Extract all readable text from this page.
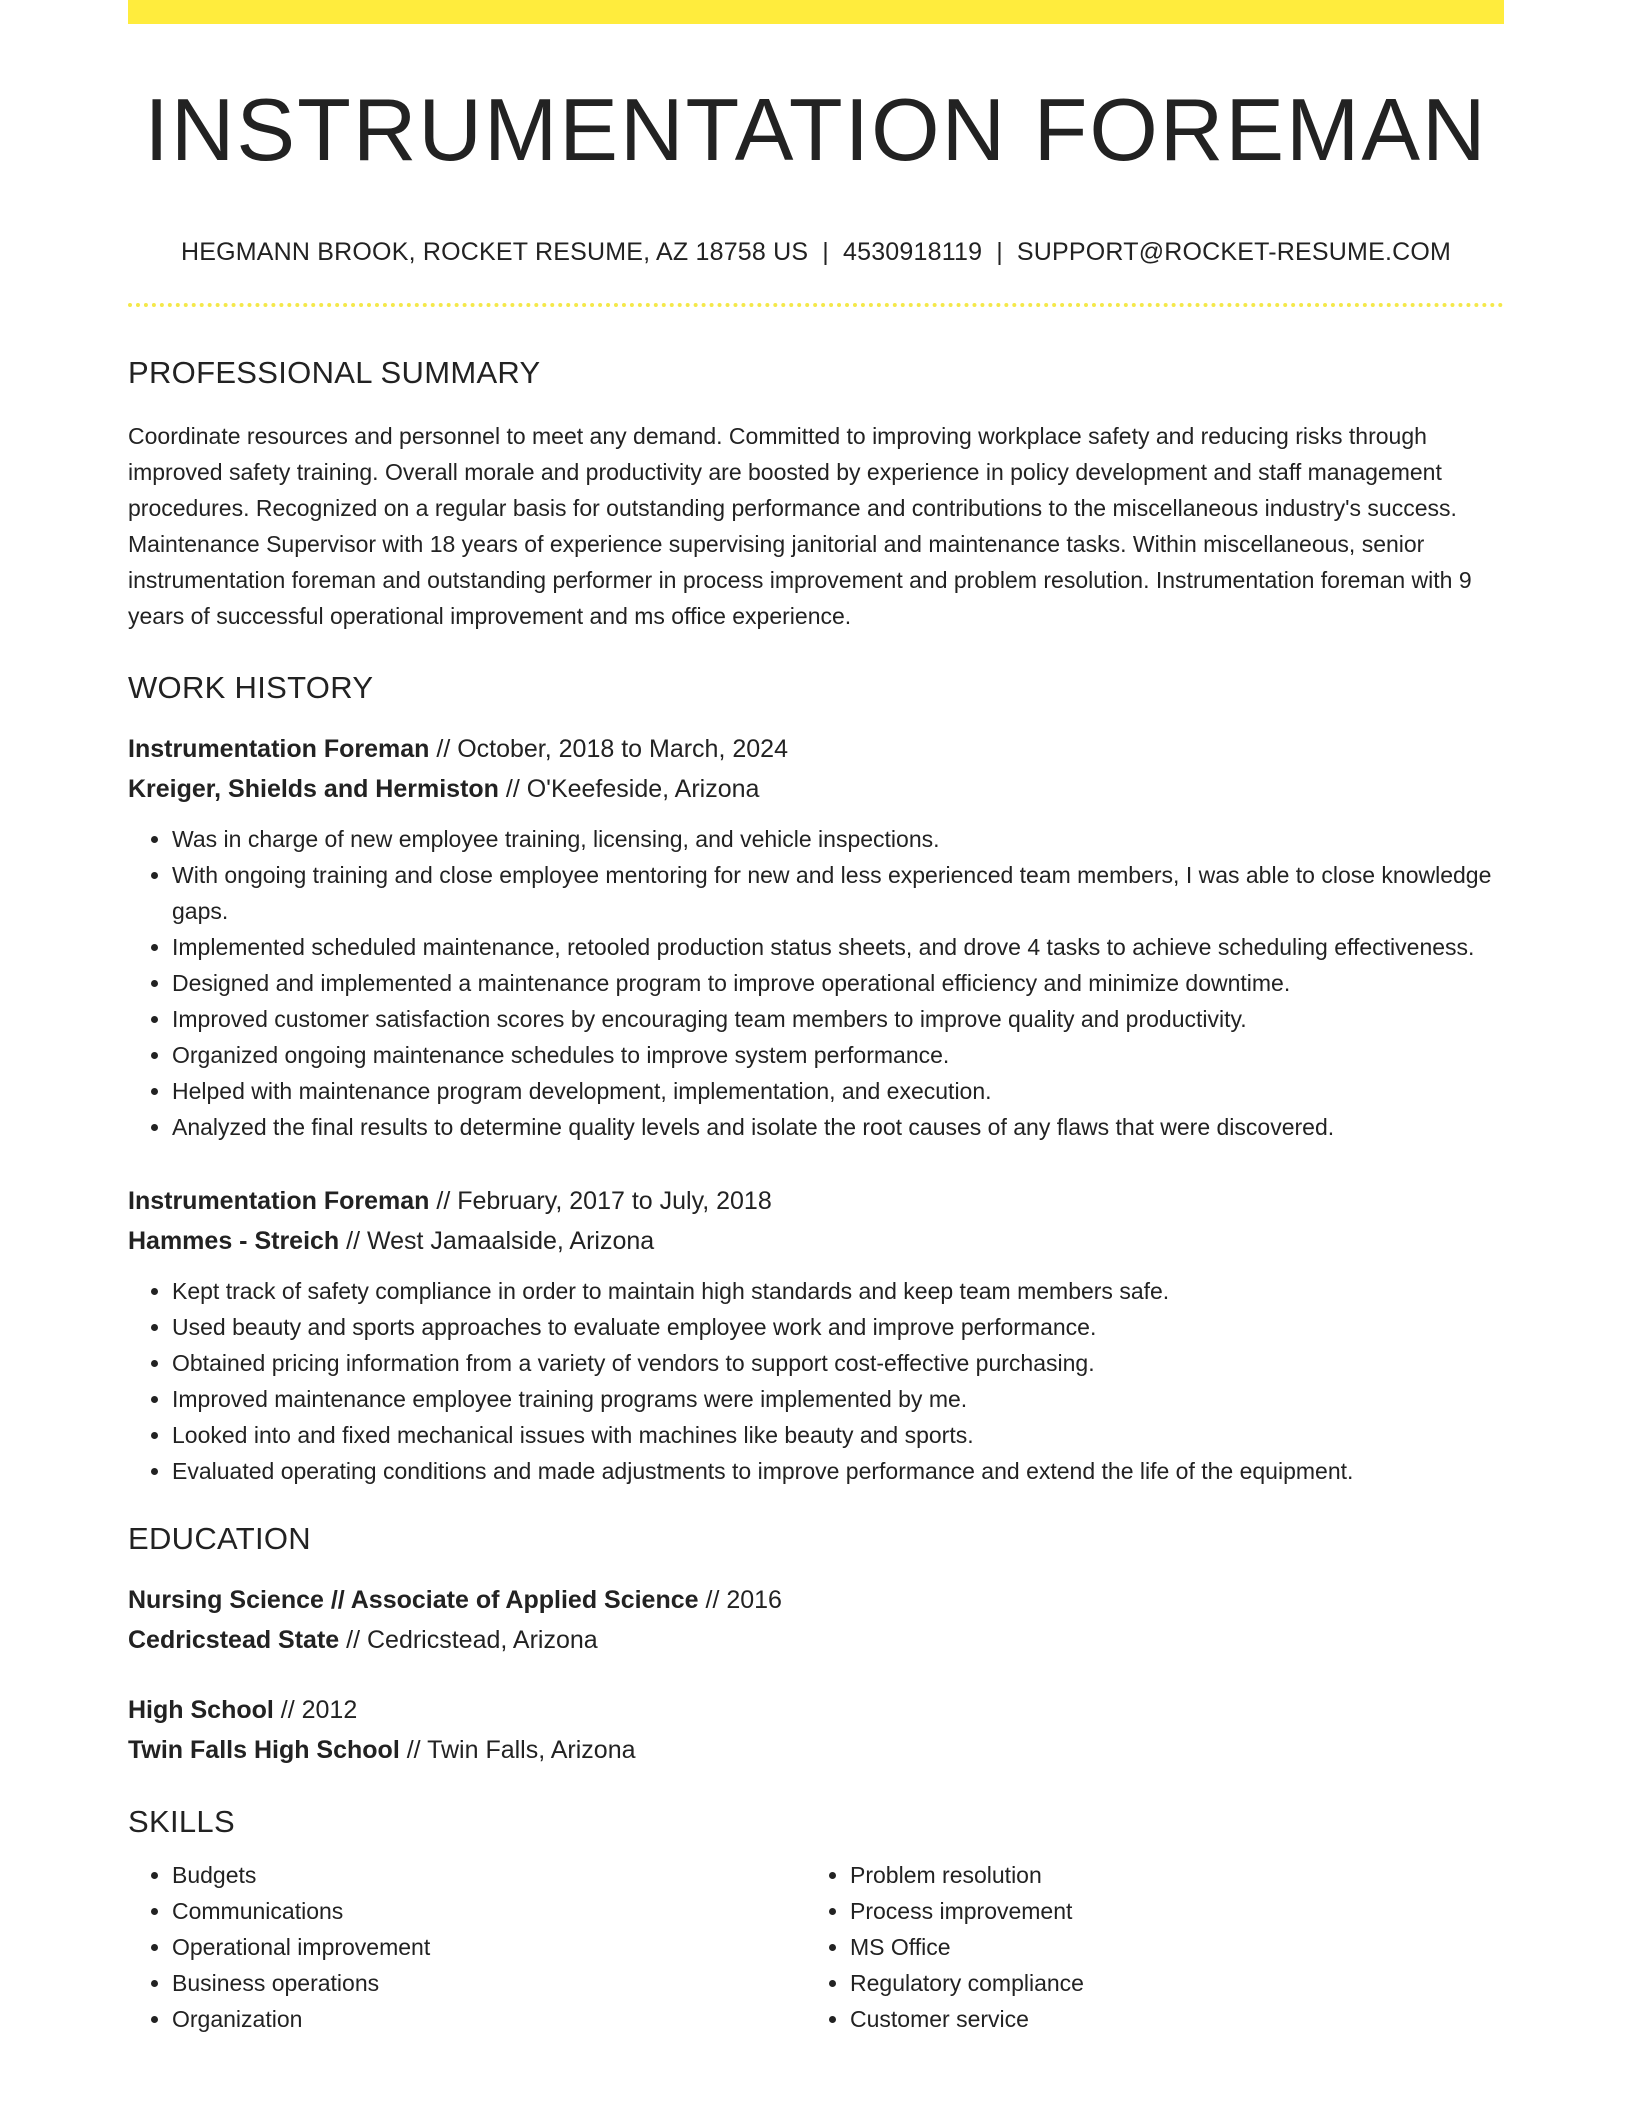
INSTRUMENTATION FOREMAN
HEGMANN BROOK, ROCKET RESUME, AZ 18758 US | 4530918119 | SUPPORT@ROCKET-RESUME.COM
PROFESSIONAL SUMMARY
Coordinate resources and personnel to meet any demand. Committed to improving workplace safety and reducing risks through improved safety training. Overall morale and productivity are boosted by experience in policy development and staff management procedures. Recognized on a regular basis for outstanding performance and contributions to the miscellaneous industry's success. Maintenance Supervisor with 18 years of experience supervising janitorial and maintenance tasks. Within miscellaneous, senior instrumentation foreman and outstanding performer in process improvement and problem resolution. Instrumentation foreman with 9 years of successful operational improvement and ms office experience.
WORK HISTORY
Instrumentation Foreman // October, 2018 to March, 2024
Kreiger, Shields and Hermiston // O'Keefeside, Arizona
• Was in charge of new employee training, licensing, and vehicle inspections.
• With ongoing training and close employee mentoring for new and less experienced team members, I was able to close knowledge gaps.
• Implemented scheduled maintenance, retooled production status sheets, and drove 4 tasks to achieve scheduling effectiveness.
• Designed and implemented a maintenance program to improve operational efficiency and minimize downtime.
• Improved customer satisfaction scores by encouraging team members to improve quality and productivity.
• Organized ongoing maintenance schedules to improve system performance.
• Helped with maintenance program development, implementation, and execution.
• Analyzed the final results to determine quality levels and isolate the root causes of any flaws that were discovered.
Instrumentation Foreman // February, 2017 to July, 2018
Hammes - Streich // West Jamaalside, Arizona
• Kept track of safety compliance in order to maintain high standards and keep team members safe.
• Used beauty and sports approaches to evaluate employee work and improve performance.
• Obtained pricing information from a variety of vendors to support cost-effective purchasing.
• Improved maintenance employee training programs were implemented by me.
• Looked into and fixed mechanical issues with machines like beauty and sports.
• Evaluated operating conditions and made adjustments to improve performance and extend the life of the equipment.
EDUCATION
Nursing Science // Associate of Applied Science // 2016
Cedricstead State // Cedricstead, Arizona
High School // 2012
Twin Falls High School // Twin Falls, Arizona
SKILLS
• Budgets
• Communications
• Operational improvement
• Business operations
• Organization
• Problem resolution
• Process improvement
• MS Office
• Regulatory compliance
• Customer service
